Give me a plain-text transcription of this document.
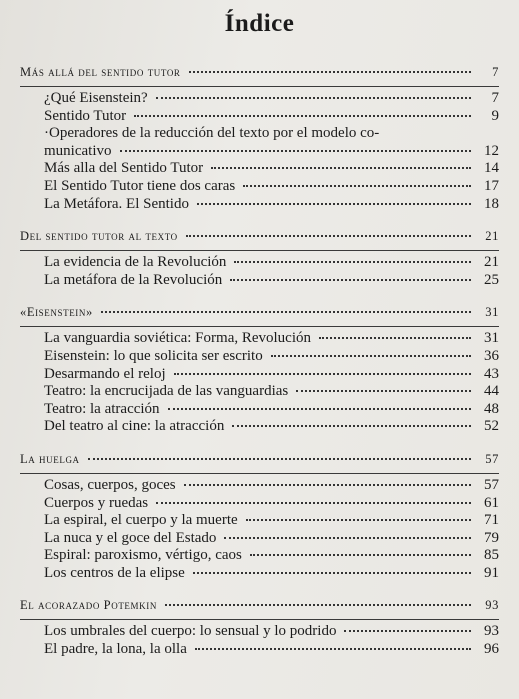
Índice
Más allá del sentido tutor	7
¿Qué Eisenstein?	7
Sentido Tutor	9
·Operadores de la reducción del texto por el modelo co-
municativo	12
Más alla del Sentido Tutor	14
El Sentido Tutor tiene dos caras	17
La Metáfora. El Sentido	18
Del sentido tutor al texto	21
La evidencia de la Revolución	21
La metáfora de la Revolución	25
«Eisenstein»	31
La vanguardia soviética: Forma, Revolución	31
Eisenstein: lo que solicita ser escrito	36
Desarmando el reloj	43
Teatro: la encrucijada de las vanguardias	44
Teatro: la atracción	48
Del teatro al cine: la atracción	52
La huelga	57
Cosas, cuerpos, goces	57
Cuerpos y ruedas	61
La espiral, el cuerpo y la muerte	71
La nuca y el goce del Estado	79
Espiral: paroxismo, vértigo, caos	85
Los centros de la elipse	91
El acorazado Potemkin	93
Los umbrales del cuerpo: lo sensual y lo podrido	93
El padre, la lona, la olla	96
